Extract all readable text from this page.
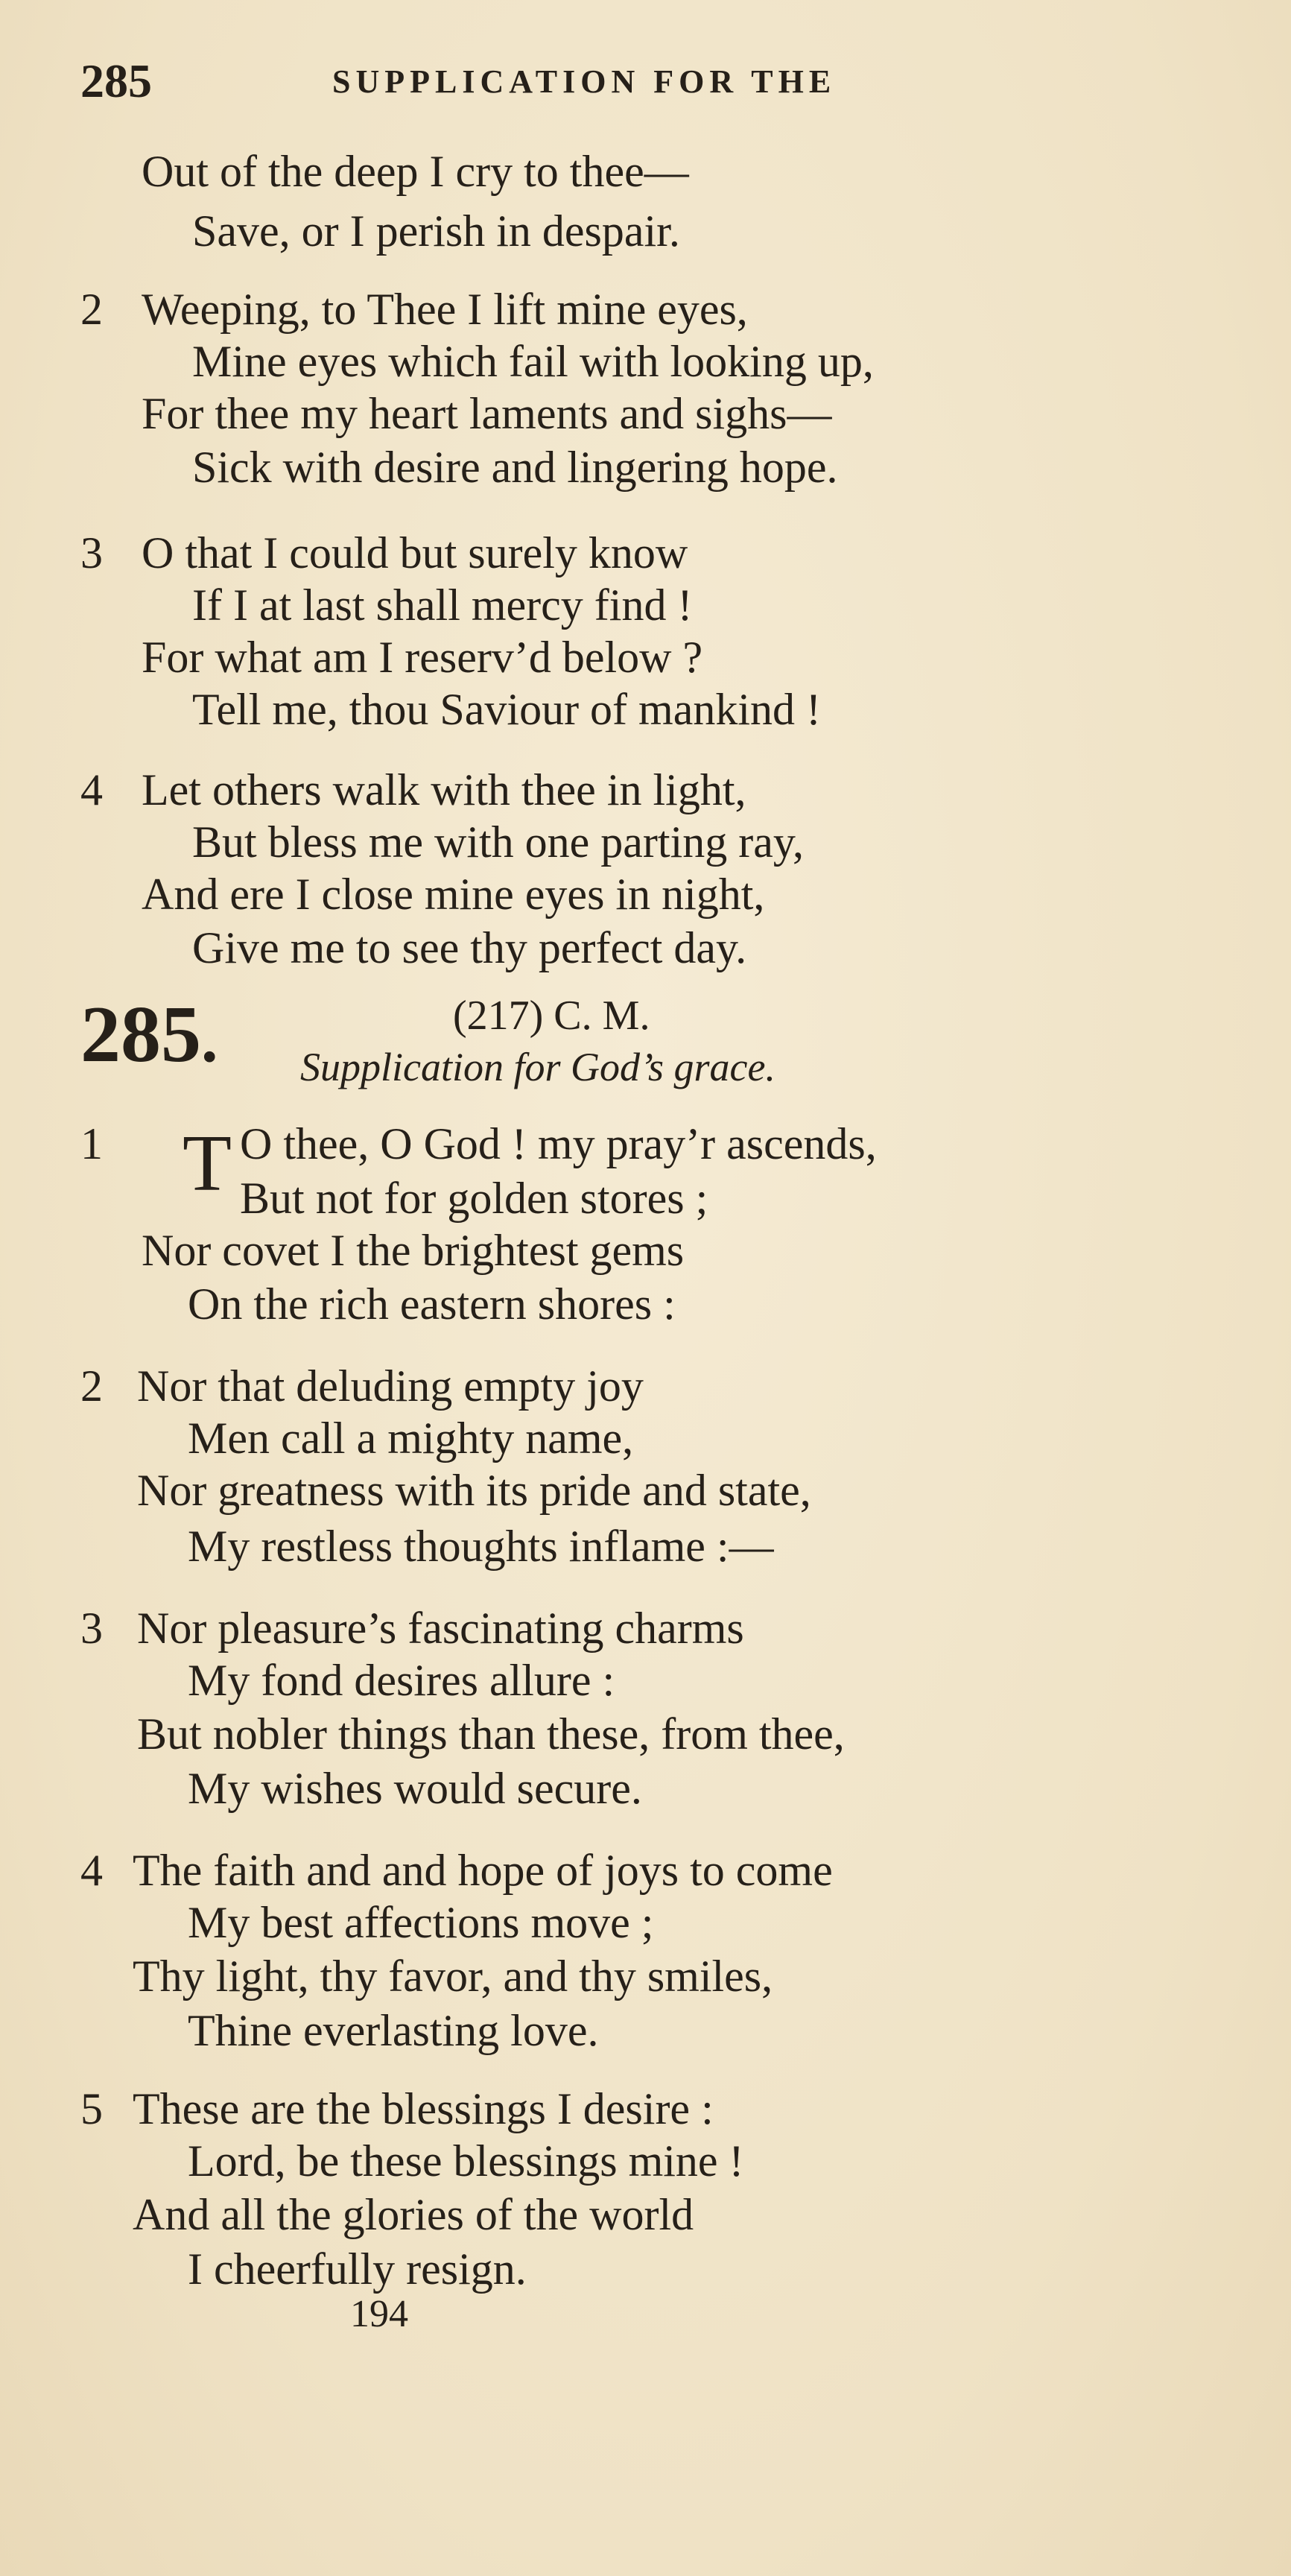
285	SUPPLICATION FOR THE
Out of the deep I cry to thee—
Save, or I perish in despair.
2 Weeping, to Thee I lift mine eyes,
Mine eyes which fail with looking up,
For thee my heart laments and sighs—
Sick with desire and lingering hope.
3 O that I could but surely know
If I at last shall mercy find !
For what am I reserv’d below ?
Tell me, thou Saviour of mankind !
4 Let others walk with thee in light,
But bless me with one parting ray,
And ere I close mine eyes in night,
Give me to see thy perfect day.
285.	(217) C. M.
Supplication for God’s grace.
1 T O thee, O God ! my pray’r ascends,
But not for golden stores ;
Nor covet I the brightest gems
On the rich eastern shores :
2 Nor that deluding empty joy
Men call a mighty name,
Nor greatness with its pride and state,
My restless thoughts inflame :—
3 Nor pleasure’s fascinating charms
My fond desires allure :
But nobler things than these, from thee,
My wishes would secure.
4 The faith and and hope of joys to come
My best affections move ;
Thy light, thy favor, and thy smiles,
Thine everlasting love.
5 These are the blessings I desire :
Lord, be these blessings mine !
And all the glories of the world
I cheerfully resign.
194
